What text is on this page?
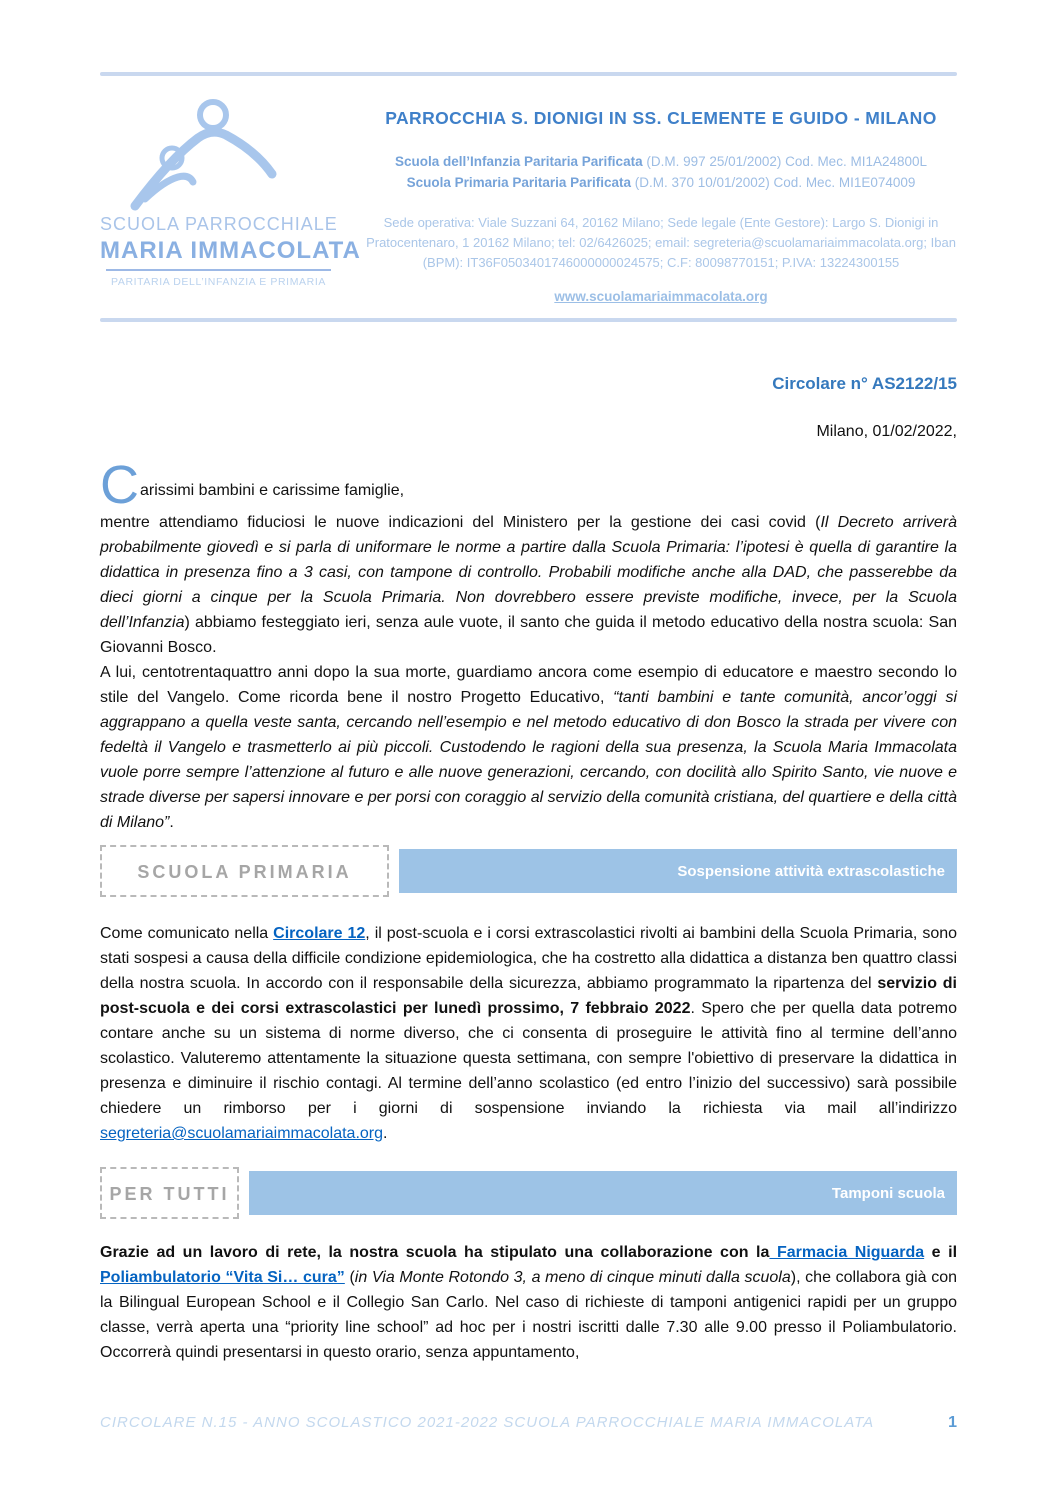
SCUOLA PARROCCHIALE
MARIA IMMACOLATA
PARITARIA DELL’INFANZIA E PRIMARIA
PARROCCHIA S. DIONIGI IN SS. CLEMENTE E GUIDO - MILANO
Scuola dell’Infanzia Paritaria Parificata (D.M. 997 25/01/2002) Cod. Mec. MI1A24800L
Scuola Primaria Paritaria Parificata (D.M. 370 10/01/2002) Cod. Mec. MI1E074009
Sede operativa: Viale Suzzani 64, 20162 Milano; Sede legale (Ente Gestore): Largo S. Dionigi in Pratocentenaro, 1 20162 Milano; tel: 02/6426025; email: segreteria@scuolamariaimmacolata.org; Iban (BPM): IT36F0503401746000000024575; C.F: 80098770151; P.IVA: 13224300155
www.scuolamariaimmacolata.org
Circolare n° AS2122/15
Milano, 01/02/2022,
Carissimi bambini e carissime famiglie,

mentre attendiamo fiduciosi le nuove indicazioni del Ministero per la gestione dei casi covid (Il Decreto arriverà probabilmente giovedì e si parla di uniformare le norme a partire dalla Scuola Primaria: l’ipotesi è quella di garantire la didattica in presenza fino a 3 casi, con tampone di controllo. Probabili modifiche anche alla DAD, che passerebbe da dieci giorni a cinque per la Scuola Primaria. Non dovrebbero essere previste modifiche, invece, per la Scuola dell’Infanzia) abbiamo festeggiato ieri, senza aule vuote, il santo che guida il metodo educativo della nostra scuola: San Giovanni Bosco.

A lui, centotrentaquattro anni dopo la sua morte, guardiamo ancora come esempio di educatore e maestro secondo lo stile del Vangelo. Come ricorda bene il nostro Progetto Educativo, “tanti bambini e tante comunità, ancor’oggi si aggrappano a quella veste santa, cercando nell’esempio e nel metodo educativo di don Bosco la strada per vivere con fedeltà il Vangelo e trasmetterlo ai più piccoli. Custodendo le ragioni della sua presenza, la Scuola Maria Immacolata vuole porre sempre l’attenzione al futuro e alle nuove generazioni, cercando, con docilità allo Spirito Santo, vie nuove e strade diverse per sapersi innovare e per porsi con coraggio al servizio della comunità cristiana, del quartiere e della città di Milano”.

SCUOLA PRIMARIA	Sospensione attività extrascolastiche

Come comunicato nella Circolare 12, il post-scuola e i corsi extrascolastici rivolti ai bambini della Scuola Primaria, sono stati sospesi a causa della difficile condizione epidemiologica, che ha costretto alla didattica a distanza ben quattro classi della nostra scuola. In accordo con il responsabile della sicurezza, abbiamo programmato la ripartenza del servizio di post-scuola e dei corsi extrascolastici per lunedì prossimo, 7 febbraio 2022. Spero che per quella data potremo contare anche su un sistema di norme diverso, che ci consenta di proseguire le attività fino al termine dell’anno scolastico. Valuteremo attentamente la situazione questa settimana, con sempre l'obiettivo di preservare la didattica in presenza e diminuire il rischio contagi. Al termine dell’anno scolastico (ed entro l’inizio del successivo) sarà possibile chiedere un rimborso per i giorni di sospensione inviando la richiesta via mail all’indirizzo segreteria@scuolamariaimmacolata.org.

PER TUTTI	Tamponi scuola

Grazie ad un lavoro di rete, la nostra scuola ha stipulato una collaborazione con la Farmacia Niguarda e il Poliambulatorio “Vita Si… cura” (in Via Monte Rotondo 3, a meno di cinque minuti dalla scuola), che collabora già con la Bilingual European School e il Collegio San Carlo. Nel caso di richieste di tamponi antigenici rapidi per un gruppo classe, verrà aperta una “priority line school” ad hoc per i nostri iscritti dalle 7.30 alle 9.00 presso il Poliambulatorio. Occorrerà quindi presentarsi in questo orario, senza appuntamento,

CIRCOLARE N.15 - ANNO SCOLASTICO 2021-2022 SCUOLA PARROCCHIALE MARIA IMMACOLATA	1
